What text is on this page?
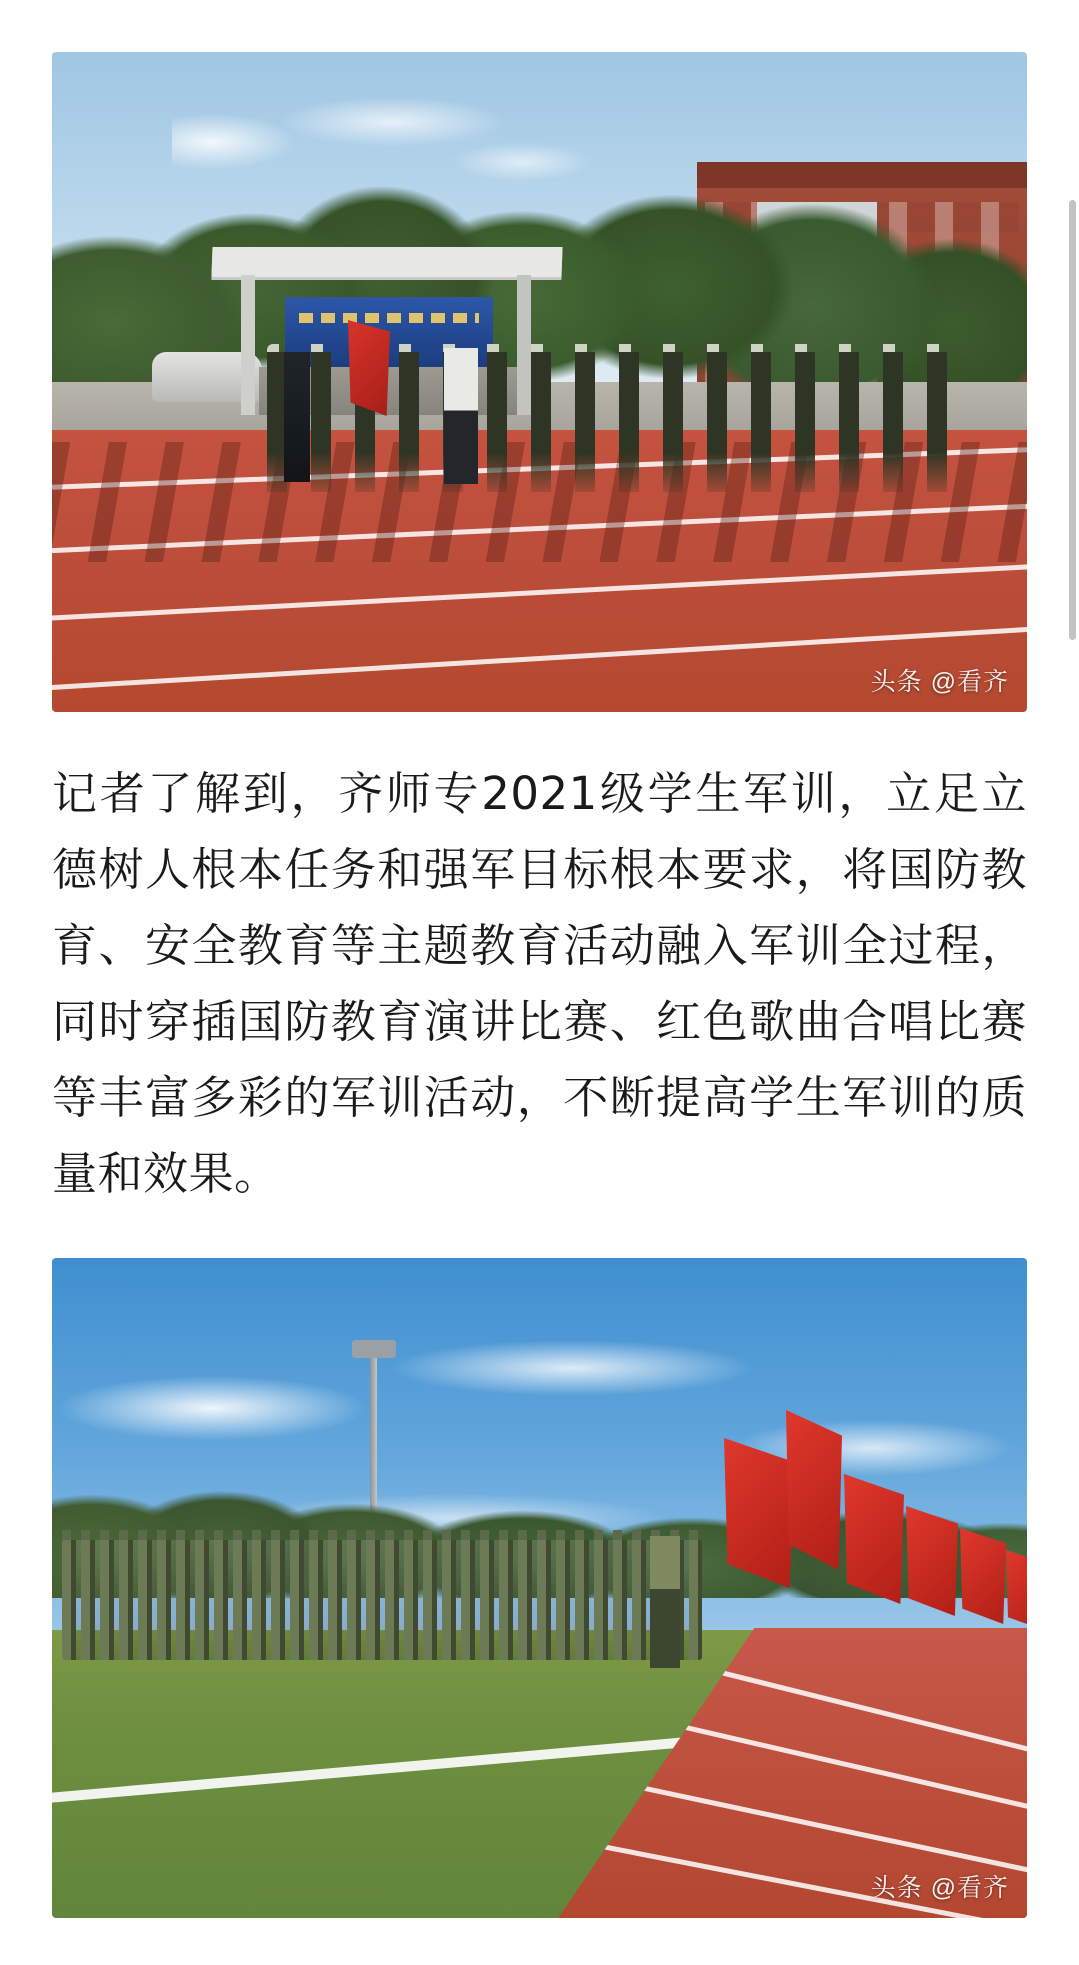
头条 @看齐

记者了解到，齐师专2021级学生军训，立足立德树人根本任务和强军目标根本要求，将国防教育、安全教育等主题教育活动融入军训全过程，同时穿插国防教育演讲比赛、红色歌曲合唱比赛等丰富多彩的军训活动，不断提高学生军训的质量和效果。

头条 @看齐
